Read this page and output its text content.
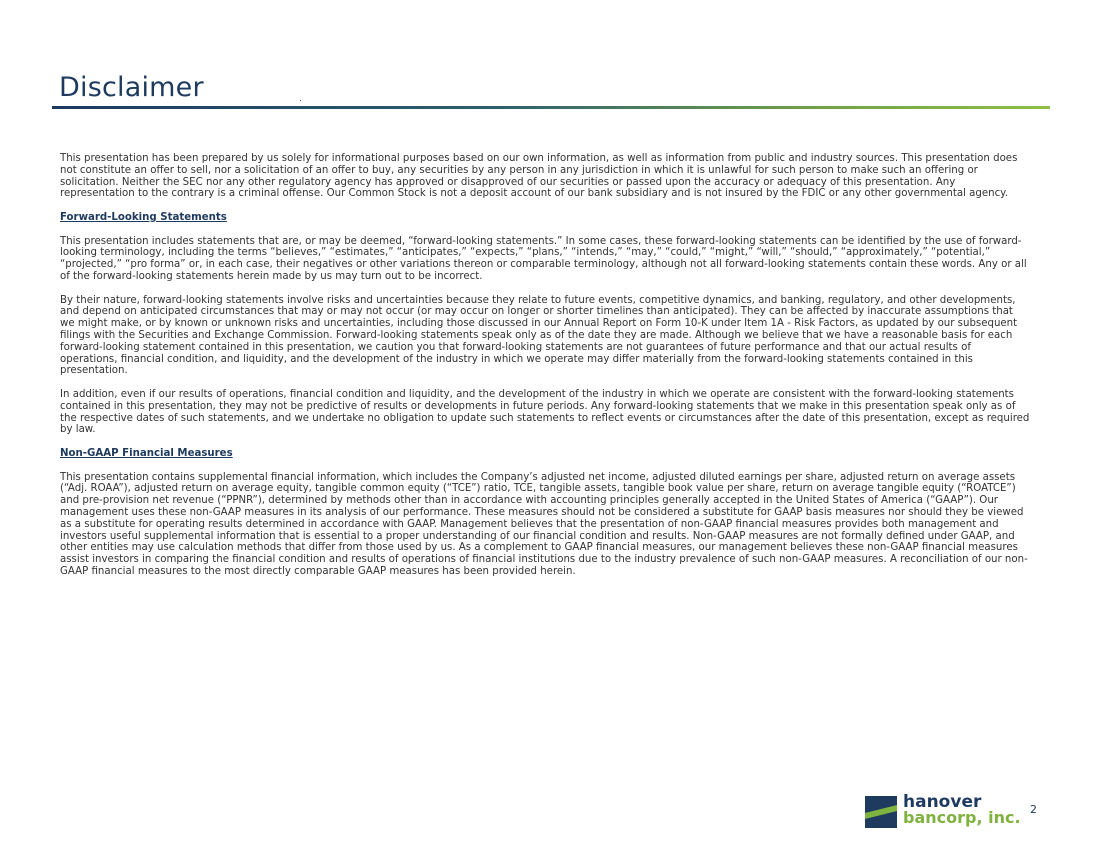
Disclaimer

This presentation has been prepared by us solely for informational purposes based on our own information, as well as information from public and industry sources. This presentation does not constitute an offer to sell, nor a solicitation of an offer to buy, any securities by any person in any jurisdiction in which it is unlawful for such person to make such an offering or solicitation. Neither the SEC nor any other regulatory agency has approved or disapproved of our securities or passed upon the accuracy or adequacy of this presentation. Any representation to the contrary is a criminal offense. Our Common Stock is not a deposit account of our bank subsidiary and is not insured by the FDIC or any other governmental agency.

Forward-Looking Statements

This presentation includes statements that are, or may be deemed, “forward-looking statements.” In some cases, these forward-looking statements can be identified by the use of forward-looking terminology, including the terms “believes,” “estimates,” “anticipates,” “expects,” “plans,” “intends,” “may,” “could,” “might,” “will,” “should,” “approximately,” “potential,” “projected,” “pro forma” or, in each case, their negatives or other variations thereon or comparable terminology, although not all forward-looking statements contain these words. Any or all of the forward-looking statements herein made by us may turn out to be incorrect.

By their nature, forward-looking statements involve risks and uncertainties because they relate to future events, competitive dynamics, and banking, regulatory, and other developments, and depend on anticipated circumstances that may or may not occur (or may occur on longer or shorter timelines than anticipated). They can be affected by inaccurate assumptions that we might make, or by known or unknown risks and uncertainties, including those discussed in our Annual Report on Form 10-K under Item 1A - Risk Factors, as updated by our subsequent filings with the Securities and Exchange Commission. Forward-looking statements speak only as of the date they are made. Although we believe that we have a reasonable basis for each forward-looking statement contained in this presentation, we caution you that forward-looking statements are not guarantees of future performance and that our actual results of operations, financial condition, and liquidity, and the development of the industry in which we operate may differ materially from the forward-looking statements contained in this presentation.

In addition, even if our results of operations, financial condition and liquidity, and the development of the industry in which we operate are consistent with the forward-looking statements contained in this presentation, they may not be predictive of results or developments in future periods. Any forward-looking statements that we make in this presentation speak only as of the respective dates of such statements, and we undertake no obligation to update such statements to reflect events or circumstances after the date of this presentation, except as required by law.

Non-GAAP Financial Measures

This presentation contains supplemental financial information, which includes the Company’s adjusted net income, adjusted diluted earnings per share, adjusted return on average assets (“Adj. ROAA”), adjusted return on average equity, tangible common equity (“TCE”) ratio, TCE, tangible assets, tangible book value per share, return on average tangible equity (“ROATCE”) and pre-provision net revenue (“PPNR”), determined by methods other than in accordance with accounting principles generally accepted in the United States of America (“GAAP”). Our management uses these non-GAAP measures in its analysis of our performance. These measures should not be considered a substitute for GAAP basis measures nor should they be viewed as a substitute for operating results determined in accordance with GAAP. Management believes that the presentation of non-GAAP financial measures provides both management and investors useful supplemental information that is essential to a proper understanding of our financial condition and results. Non-GAAP measures are not formally defined under GAAP, and other entities may use calculation methods that differ from those used by us. As a complement to GAAP financial measures, our management believes these non-GAAP financial measures assist investors in comparing the financial condition and results of operations of financial institutions due to the industry prevalence of such non-GAAP measures. A reconciliation of our non-GAAP financial measures to the most directly comparable GAAP measures has been provided herein.

hanover
bancorp, inc. 2
